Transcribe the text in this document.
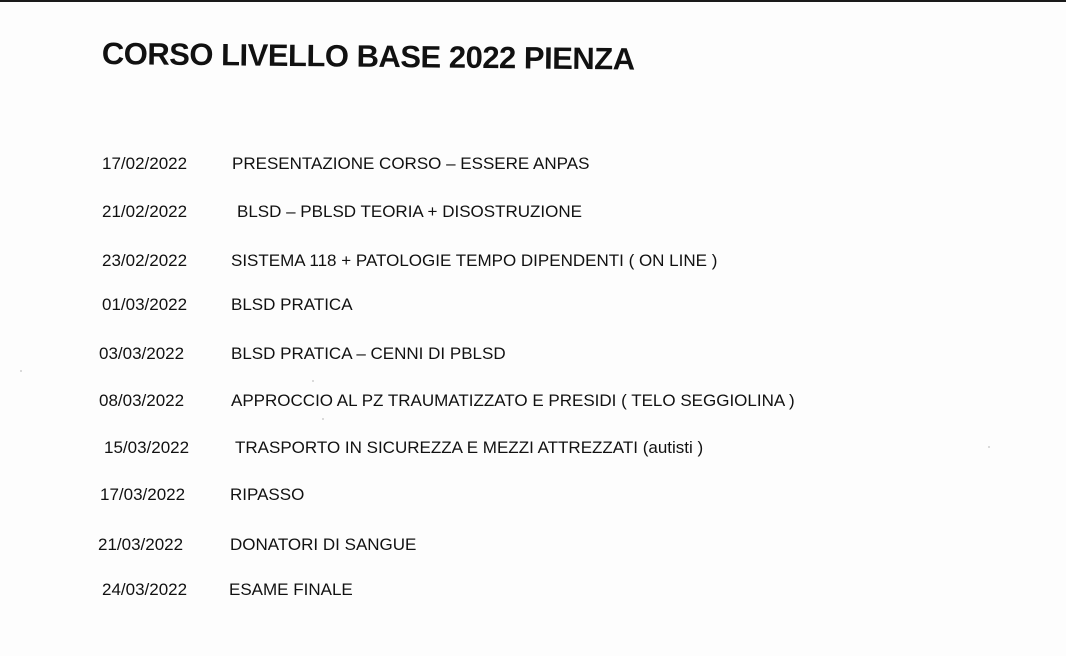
CORSO LIVELLO BASE 2022 PIENZA
17/02/2022	PRESENTAZIONE CORSO – ESSERE ANPAS
21/02/2022	BLSD – PBLSD TEORIA + DISOSTRUZIONE
23/02/2022	SISTEMA 118 + PATOLOGIE TEMPO DIPENDENTI ( ON LINE )
01/03/2022	BLSD PRATICA
03/03/2022	BLSD PRATICA – CENNI DI PBLSD
08/03/2022	APPROCCIO AL PZ TRAUMATIZZATO E PRESIDI ( TELO SEGGIOLINA )
15/03/2022	TRASPORTO IN SICUREZZA E MEZZI ATTREZZATI (autisti )
17/03/2022	RIPASSO
21/03/2022	DONATORI DI SANGUE
24/03/2022 ESAME FINALE
